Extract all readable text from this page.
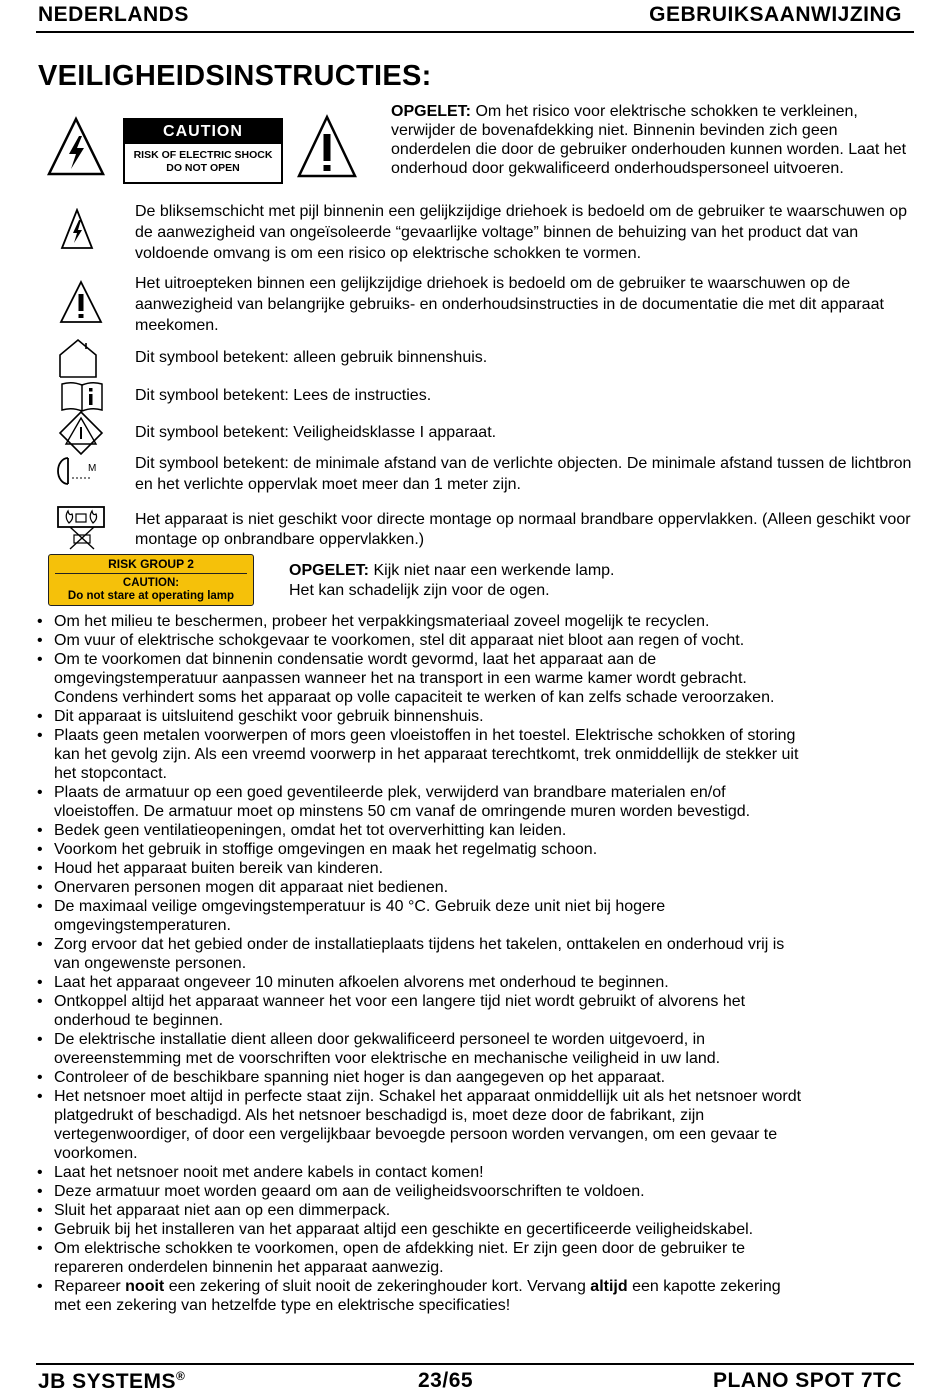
NEDERLANDS	GEBRUIKSAANWIJZING
VEILIGHEIDSINSTRUCTIES:
CAUTION
RISK OF ELECTRIC SHOCK
DO NOT OPEN
OPGELET: Om het risico voor elektrische schokken te verkleinen, verwijder de bovenafdekking niet. Binnenin bevinden zich geen onderdelen die door de gebruiker onderhouden kunnen worden. Laat het onderhoud door gekwalificeerd onderhoudspersoneel uitvoeren.
De bliksemschicht met pijl binnenin een gelijkzijdige driehoek is bedoeld om de gebruiker te waarschuwen op de aanwezigheid van ongeïsoleerde “gevaarlijke voltage” binnen de behuizing van het product dat van voldoende omvang is om een risico op elektrische schokken te vormen.
Het uitroepteken binnen een gelijkzijdige driehoek is bedoeld om de gebruiker te waarschuwen op de aanwezigheid van belangrijke gebruiks- en onderhoudsinstructies in de documentatie die met dit apparaat meekomen.
Dit symbool betekent: alleen gebruik binnenshuis.
Dit symbool betekent: Lees de instructies.
Dit symbool betekent: Veiligheidsklasse I apparaat.
M Dit symbool betekent: de minimale afstand van de verlichte objecten. De minimale afstand tussen de lichtbron en het verlichte oppervlak moet meer dan 1 meter zijn.
Het apparaat is niet geschikt voor directe montage op normaal brandbare oppervlakken. (Alleen geschikt voor montage op onbrandbare oppervlakken.)
RISK GROUP 2
CAUTION:
Do not stare at operating lamp
OPGELET: Kijk niet naar een werkende lamp.
Het kan schadelijk zijn voor de ogen.
• Om het milieu te beschermen, probeer het verpakkingsmateriaal zoveel mogelijk te recyclen.
• Om vuur of elektrische schokgevaar te voorkomen, stel dit apparaat niet bloot aan regen of vocht.
• Om te voorkomen dat binnenin condensatie wordt gevormd, laat het apparaat aan de
omgevingstemperatuur aanpassen wanneer het na transport in een warme kamer wordt gebracht.
Condens verhindert soms het apparaat op volle capaciteit te werken of kan zelfs schade veroorzaken.
• Dit apparaat is uitsluitend geschikt voor gebruik binnenshuis.
• Plaats geen metalen voorwerpen of mors geen vloeistoffen in het toestel. Elektrische schokken of storing
kan het gevolg zijn. Als een vreemd voorwerp in het apparaat terechtkomt, trek onmiddellijk de stekker uit
het stopcontact.
• Plaats de armatuur op een goed geventileerde plek, verwijderd van brandbare materialen en/of
vloeistoffen. De armatuur moet op minstens 50 cm vanaf de omringende muren worden bevestigd.
• Bedek geen ventilatieopeningen, omdat het tot oververhitting kan leiden.
• Voorkom het gebruik in stoffige omgevingen en maak het regelmatig schoon.
• Houd het apparaat buiten bereik van kinderen.
• Onervaren personen mogen dit apparaat niet bedienen.
• De maximaal veilige omgevingstemperatuur is 40 °C. Gebruik deze unit niet bij hogere
omgevingstemperaturen.
• Zorg ervoor dat het gebied onder de installatieplaats tijdens het takelen, onttakelen en onderhoud vrij is
van ongewenste personen.
• Laat het apparaat ongeveer 10 minuten afkoelen alvorens met onderhoud te beginnen.
• Ontkoppel altijd het apparaat wanneer het voor een langere tijd niet wordt gebruikt of alvorens het
onderhoud te beginnen.
• De elektrische installatie dient alleen door gekwalificeerd personeel te worden uitgevoerd, in
overeenstemming met de voorschriften voor elektrische en mechanische veiligheid in uw land.
• Controleer of de beschikbare spanning niet hoger is dan aangegeven op het apparaat.
• Het netsnoer moet altijd in perfecte staat zijn. Schakel het apparaat onmiddellijk uit als het netsnoer wordt
platgedrukt of beschadigd. Als het netsnoer beschadigd is, moet deze door de fabrikant, zijn
vertegenwoordiger, of door een vergelijkbaar bevoegde persoon worden vervangen, om een gevaar te
voorkomen.
• Laat het netsnoer nooit met andere kabels in contact komen!
• Deze armatuur moet worden geaard om aan de veiligheidsvoorschriften te voldoen.
• Sluit het apparaat niet aan op een dimmerpack.
• Gebruik bij het installeren van het apparaat altijd een geschikte en gecertificeerde veiligheidskabel.
• Om elektrische schokken te voorkomen, open de afdekking niet. Er zijn geen door de gebruiker te
repareren onderdelen binnenin het apparaat aanwezig.
• Repareer nooit een zekering of sluit nooit de zekeringhouder kort. Vervang altijd een kapotte zekering
met een zekering van hetzelfde type en elektrische specificaties!
JB SYSTEMS®	23/65	PLANO SPOT 7TC
